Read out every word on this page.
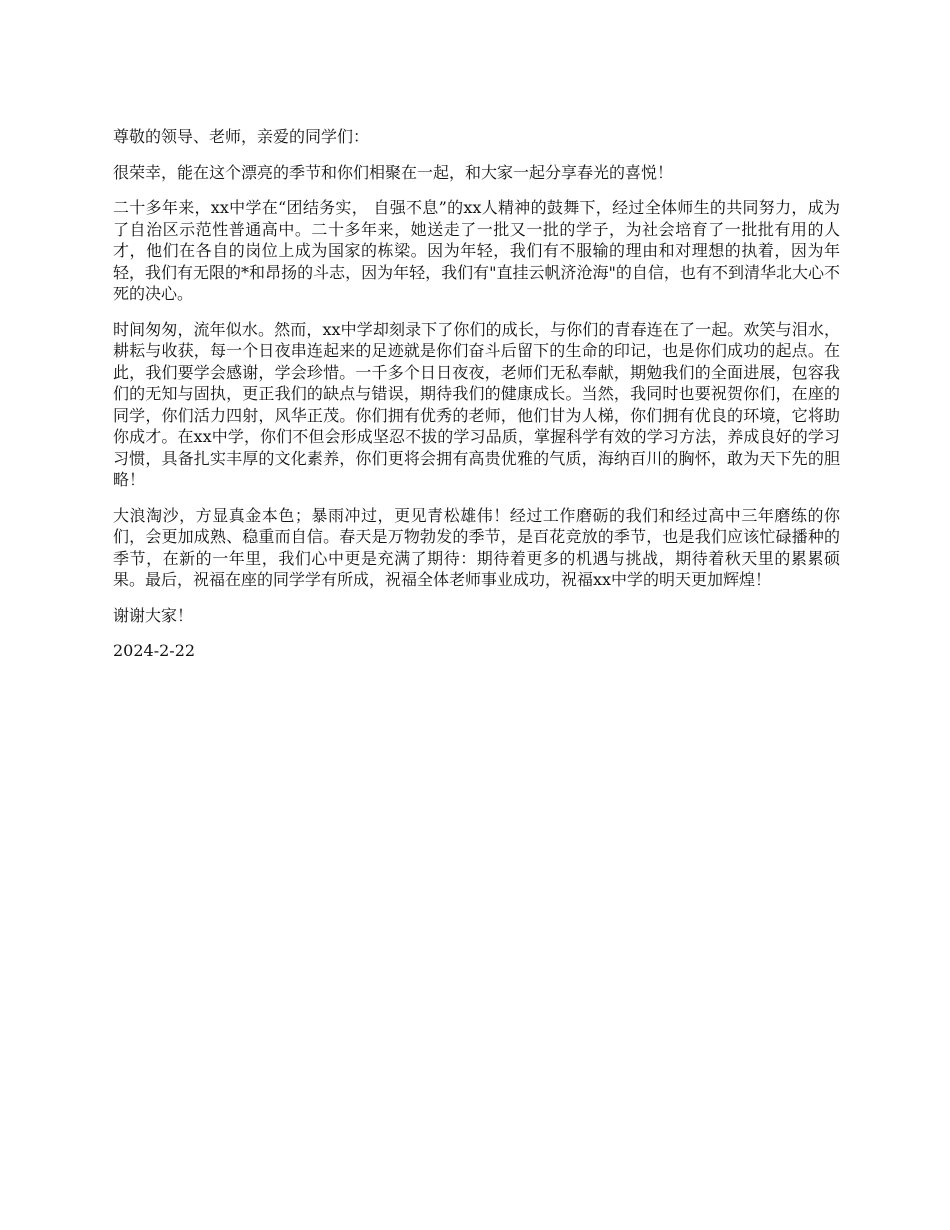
尊敬的领导、老师，亲爱的同学们：

很荣幸，能在这个漂亮的季节和你们相聚在一起，和大家一起分享春光的喜悦！

二十多年来，xx中学在“团结务实， 自强不息”的xx人精神的鼓舞下，经过全体师生的共同努力，成为了自治区示范性普通高中。二十多年来，她送走了一批又一批的学子，为社会培育了一批批有用的人才，他们在各自的岗位上成为国家的栋梁。因为年轻，我们有不服输的理由和对理想的执着，因为年轻，我们有无限的*和昂扬的斗志，因为年轻，我们有"直挂云帆济沧海"的自信，也有不到清华北大心不死的决心。

时间匆匆，流年似水。然而，xx中学却刻录下了你们的成长，与你们的青春连在了一起。欢笑与泪水，耕耘与收获，每一个日夜串连起来的足迹就是你们奋斗后留下的生命的印记，也是你们成功的起点。在此，我们要学会感谢，学会珍惜。一千多个日日夜夜，老师们无私奉献，期勉我们的全面进展，包容我们的无知与固执，更正我们的缺点与错误，期待我们的健康成长。当然，我同时也要祝贺你们，在座的同学，你们活力四射，风华正茂。你们拥有优秀的老师，他们甘为人梯，你们拥有优良的环境，它将助你成才。在xx中学，你们不但会形成坚忍不拔的学习品质，掌握科学有效的学习方法，养成良好的学习习惯，具备扎实丰厚的文化素养，你们更将会拥有高贵优雅的气质，海纳百川的胸怀，敢为天下先的胆略！

大浪淘沙，方显真金本色；暴雨冲过，更见青松雄伟！经过工作磨砺的我们和经过高中三年磨练的你们，会更加成熟、稳重而自信。春天是万物勃发的季节，是百花竞放的季节，也是我们应该忙碌播种的季节，在新的一年里，我们心中更是充满了期待：期待着更多的机遇与挑战，期待着秋天里的累累硕果。最后，祝福在座的同学学有所成，祝福全体老师事业成功，祝福xx中学的明天更加辉煌！

谢谢大家！

2024-2-22
